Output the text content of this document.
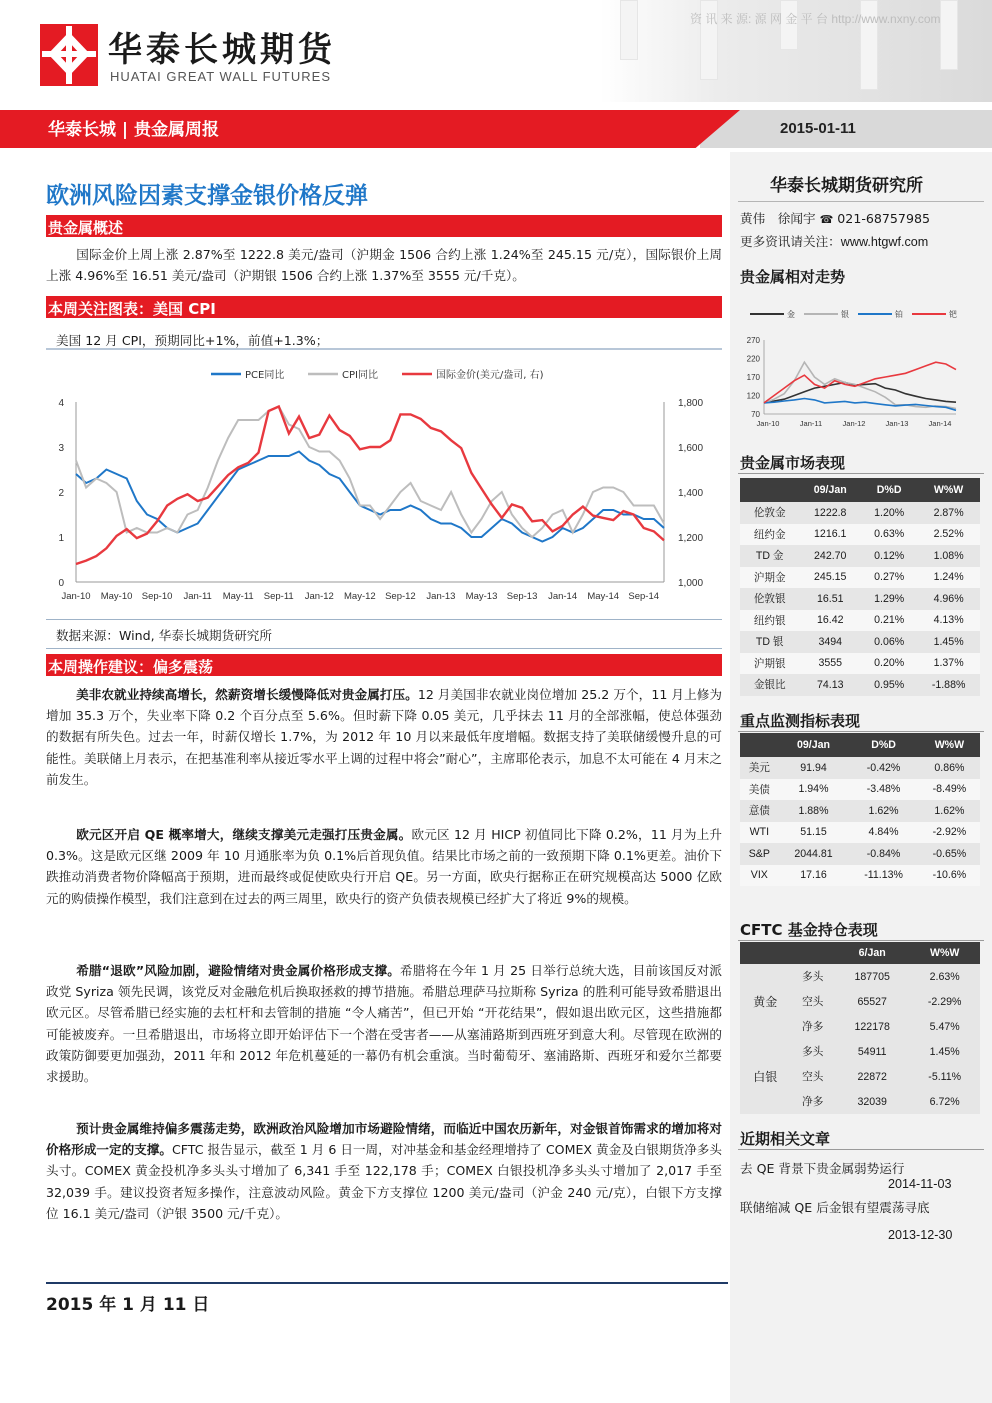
华泰长城期货
HUATAI GREAT WALL FUTURES
资 讯 来 源: 源 网 金 平 台 http://www.nxny.com
华泰长城 | 贵金属周报	2015-01-11
欧洲风险因素支撑金银价格反弹
贵金属概述
国际金价上周上涨 2.87%至 1222.8 美元/盎司（沪期金 1506 合约上涨 1.24%至 245.15 元/克），国际银价上周上涨 4.96%至 16.51 美元/盎司（沪期银 1506 合约上涨 1.37%至 3555 元/千克）。
本周关注图表：美国 CPI
美国 12 月 CPI，预期同比+1%，前值+1.3%；
0
1
2
3
4
1,000
1,200
1,400
1,600
1,800
Jan-10 May-10 Sep-10 Jan-11 May-11 Sep-11 Jan-12 May-12 Sep-12 Jan-13 May-13 Sep-13 Jan-14 May-14 Sep-14
PCE同比	CPI同比	国际金价(美元/盎司, 右)
数据来源：Wind, 华泰长城期货研究所
本周操作建议：偏多震荡
美非农就业持续高增长，然薪资增长缓慢降低对贵金属打压。12 月美国非农就业岗位增加 25.2 万个，11 月上修为增加 35.3 万个，失业率下降 0.2 个百分点至 5.6%。但时薪下降 0.05 美元，几乎抹去 11 月的全部涨幅，使总体强劲的数据有所失色。过去一年，时薪仅增长 1.7%，为 2012 年 10 月以来最低年度增幅。数据支持了美联储缓慢升息的可能性。美联储上月表示，在把基准利率从接近零水平上调的过程中将会”耐心”，主席耶伦表示，加息不太可能在 4 月末之前发生。
欧元区开启 QE 概率增大，继续支撑美元走强打压贵金属。欧元区 12 月 HICP 初值同比下降 0.2%，11 月为上升 0.3%。这是欧元区继 2009 年 10 月通胀率为负 0.1%后首现负值。结果比市场之前的一致预期下降 0.1%更差。油价下跌推动消费者物价降幅高于预期，进而最终或促使欧央行开启 QE。另一方面，欧央行据称正在研究规模高达 5000 亿欧元的购债操作模型，我们注意到在过去的两三周里，欧央行的资产负债表规模已经扩大了将近 9%的规模。
希腊“退欧”风险加剧，避险情绪对贵金属价格形成支撑。希腊将在今年 1 月 25 日举行总统大选，目前该国反对派政党 Syriza 领先民调，该党反对金融危机后换取拯救的搏节措施。希腊总理萨马拉斯称 Syriza 的胜利可能导致希腊退出欧元区。尽管希腊已经实施的去杠杆和去管制的措施 “令人痛苦”，但已开始 “开花结果”，假如退出欧元区，这些措施都可能被废弃。一旦希腊退出，市场将立即开始评估下一个潜在受害者——从塞浦路斯到西班牙到意大利。尽管现在欧洲的政策防御要更加强劲，2011 年和 2012 年危机蔓延的一幕仍有机会重演。当时葡萄牙、塞浦路斯、西班牙和爱尔兰都要求援助。
预计贵金属维持偏多震荡走势，欧洲政治风险增加市场避险情绪，而临近中国农历新年，对金银首饰需求的增加将对价格形成一定的支撑。CFTC 报告显示，截至 1 月 6 日一周，对冲基金和基金经理增持了 COMEX 黄金及白银期货净多头头寸。COMEX 黄金投机净多头头寸增加了 6,341 手至 122,178 手；COMEX 白银投机净多头头寸增加了 2,017 手至 32,039 手。建议投资者短多操作，注意波动风险。黄金下方支撑位 1200 美元/盎司（沪金 240 元/克），白银下方支撑位 16.1 美元/盎司（沪银 3500 元/千克）。
2015 年 1 月 11 日
华泰长城期货研究所
黄伟　徐闻宇 ☎ 021-68757985
更多资讯请关注：www.htgwf.com
贵金属相对走势
70
120
170
220
270
Jan-10	Jan-11	Jan-12	Jan-13	Jan-14
金	银	铂	钯
贵金属市场表现
	09/Jan	D%D	W%W
伦敦金	1222.8	1.20%	2.87%
纽约金	1216.1	0.63%	2.52%
TD 金	242.70	0.12%	1.08%
沪期金	245.15	0.27%	1.24%
伦敦银	16.51	1.29%	4.96%
纽约银	16.42	0.21%	4.13%
TD 银	3494	0.06%	1.45%
沪期银	3555	0.20%	1.37%
金银比	74.13	0.95%	-1.88%
重点监测指标表现
	09/Jan	D%D	W%W
美元	91.94	-0.42%	0.86%
美债	1.94%	-3.48%	-8.49%
意债	1.88%	1.62%	1.62%
WTI	51.15	4.84%	-2.92%
S&P	2044.81	-0.84%	-0.65%
VIX	17.16	-11.13%	-10.6%
CFTC 基金持仓表现
		6/Jan	W%W
黄金	多头	187705	2.63%
	空头	65527	-2.29%
	净多	122178	5.47%
白银	多头	54911	1.45%
	空头	22872	-5.11%
	净多	32039	6.72%
近期相关文章
去 QE 背景下贵金属弱势运行
2014-11-03
联储缩减 QE 后金银有望震荡寻底
2013-12-30
